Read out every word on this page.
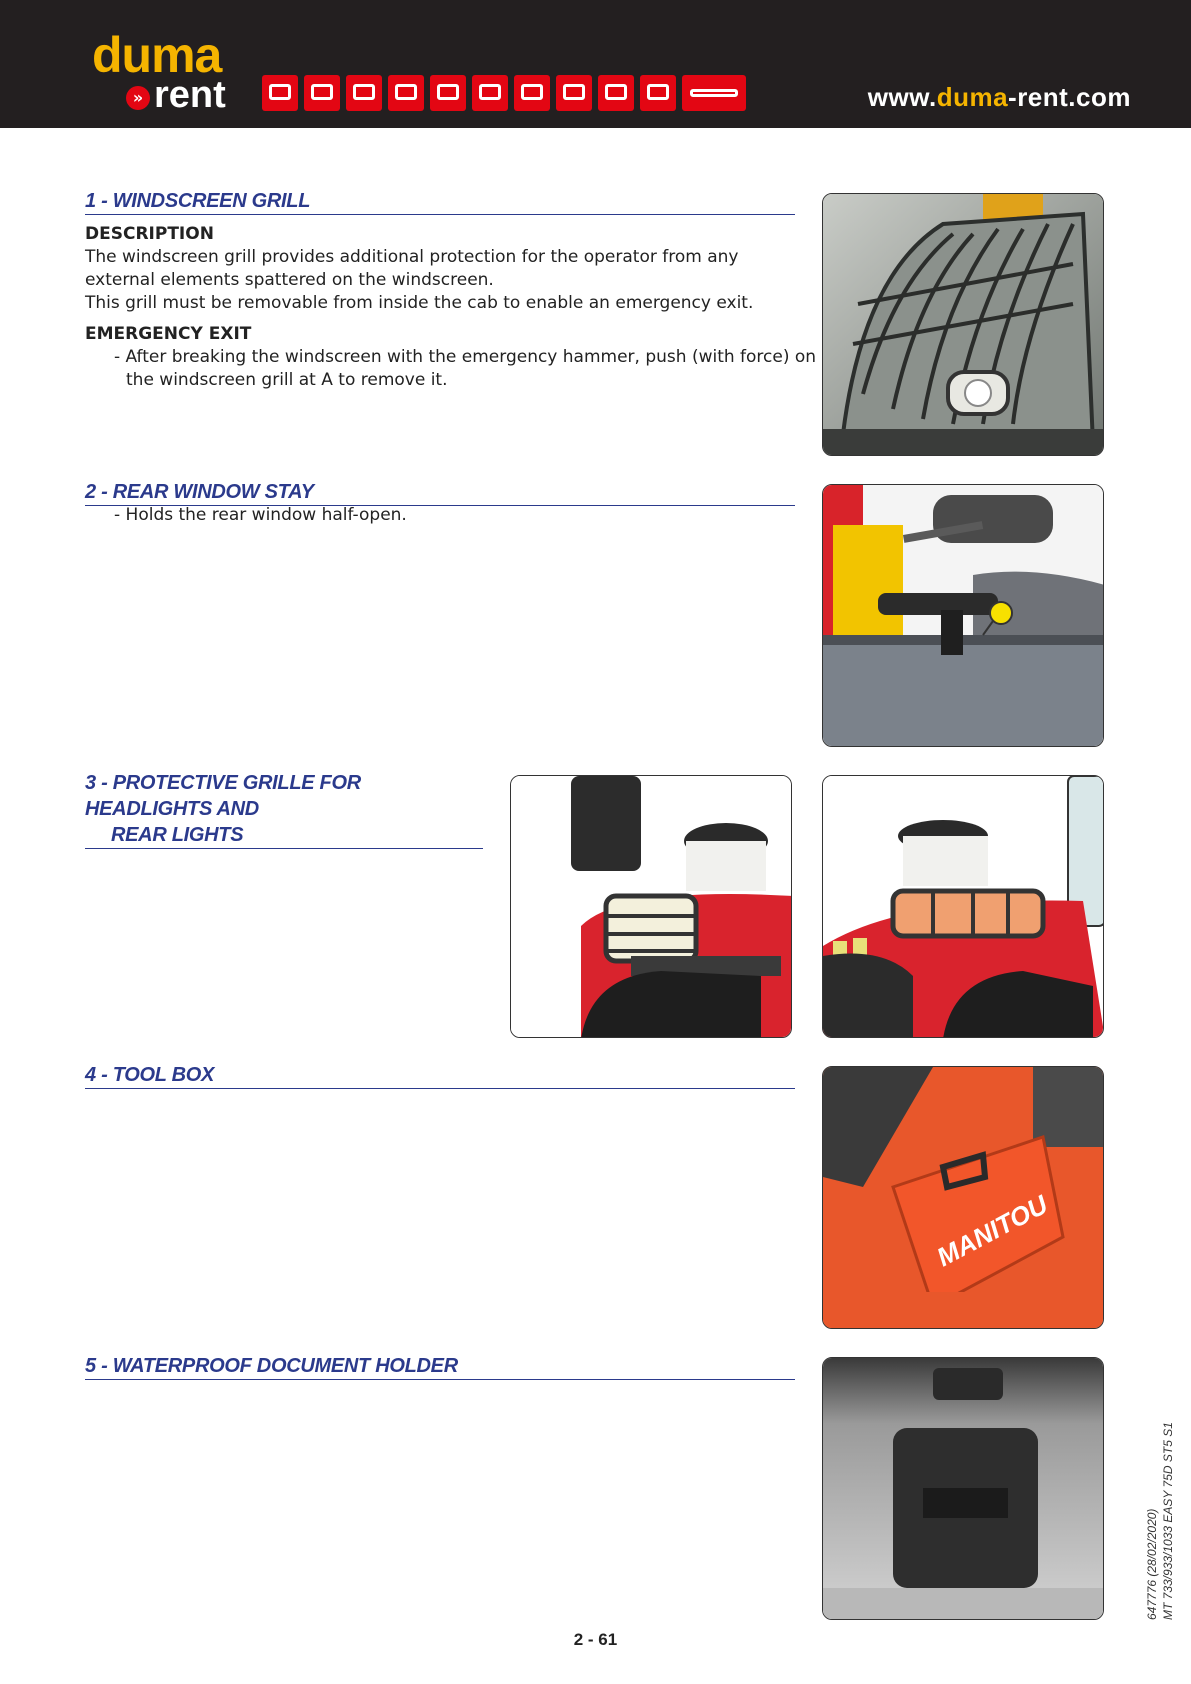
duma
» rent	www.duma-rent.com
1 - WINDSCREEN GRILL
DESCRIPTION
The windscreen grill provides additional protection for the operator from any external elements spattered on the windscreen.
This grill must be removable from inside the cab to enable an emergency exit.
EMERGENCY EXIT
- After breaking the windscreen with the emergency hammer, push (with force) on the windscreen grill at A to remove it.
2 - REAR WINDOW STAY
- Holds the rear window half-open.
3 - PROTECTIVE GRILLE FOR HEADLIGHTS AND
REAR LIGHTS
4 - TOOL BOX
MANITOU
5 - WATERPROOF DOCUMENT HOLDER
2 - 61
647776 (28/02/2020) MT 733/933/1033 EASY 75D ST5 S1
